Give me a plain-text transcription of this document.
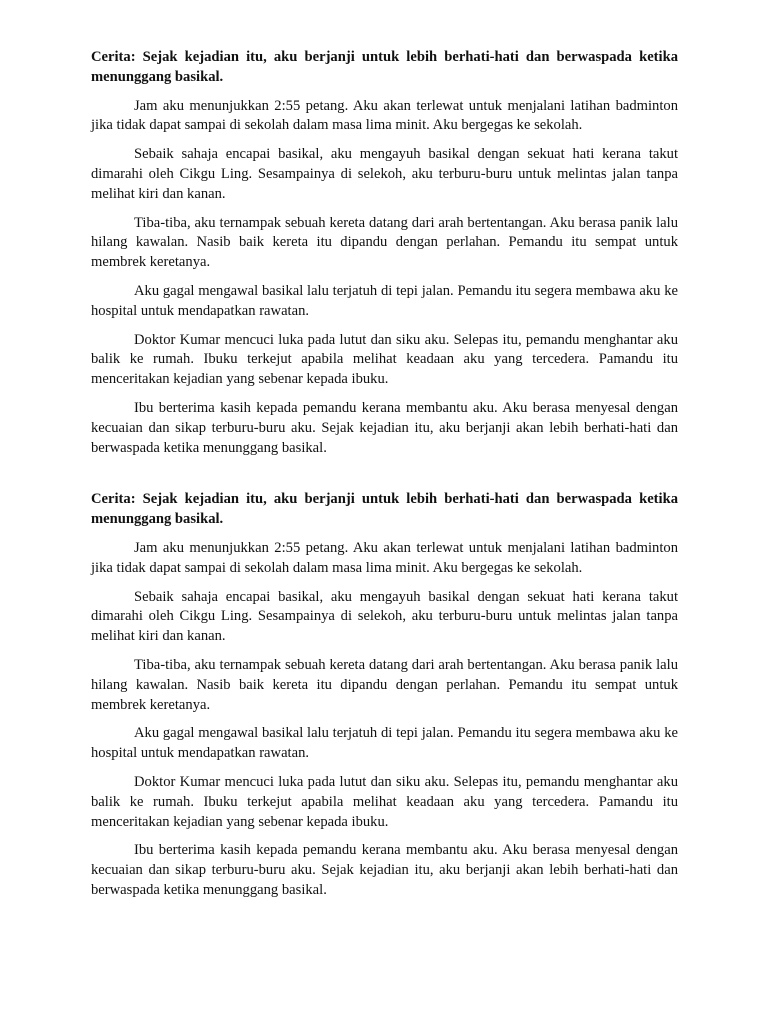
Cerita: Sejak kejadian itu, aku berjanji untuk lebih berhati-hati dan berwaspada ketika menunggang basikal.

Jam aku menunjukkan 2:55 petang. Aku akan terlewat untuk menjalani latihan badminton jika tidak dapat sampai di sekolah dalam masa lima minit. Aku bergegas ke sekolah.

Sebaik sahaja encapai basikal, aku mengayuh basikal dengan sekuat hati kerana takut dimarahi oleh Cikgu Ling. Sesampainya di selekoh, aku terburu-buru untuk melintas jalan tanpa melihat kiri dan kanan.

Tiba-tiba, aku ternampak sebuah kereta datang dari arah bertentangan. Aku berasa panik lalu hilang kawalan. Nasib baik kereta itu dipandu dengan perlahan. Pemandu itu sempat untuk membrek keretanya.

Aku gagal mengawal basikal lalu terjatuh di tepi jalan. Pemandu itu segera membawa aku ke hospital untuk mendapatkan rawatan.

Doktor Kumar mencuci luka pada lutut dan siku aku. Selepas itu, pemandu menghantar aku balik ke rumah. Ibuku terkejut apabila melihat keadaan aku yang tercedera. Pamandu itu menceritakan kejadian yang sebenar kepada ibuku.

Ibu berterima kasih kepada pemandu kerana membantu aku. Aku berasa menyesal dengan kecuaian dan sikap terburu-buru aku. Sejak kejadian itu, aku berjanji akan lebih berhati-hati dan berwaspada ketika menunggang basikal.

Cerita: Sejak kejadian itu, aku berjanji untuk lebih berhati-hati dan berwaspada ketika menunggang basikal.

Jam aku menunjukkan 2:55 petang. Aku akan terlewat untuk menjalani latihan badminton jika tidak dapat sampai di sekolah dalam masa lima minit. Aku bergegas ke sekolah.

Sebaik sahaja encapai basikal, aku mengayuh basikal dengan sekuat hati kerana takut dimarahi oleh Cikgu Ling. Sesampainya di selekoh, aku terburu-buru untuk melintas jalan tanpa melihat kiri dan kanan.

Tiba-tiba, aku ternampak sebuah kereta datang dari arah bertentangan. Aku berasa panik lalu hilang kawalan. Nasib baik kereta itu dipandu dengan perlahan. Pemandu itu sempat untuk membrek keretanya.

Aku gagal mengawal basikal lalu terjatuh di tepi jalan. Pemandu itu segera membawa aku ke hospital untuk mendapatkan rawatan.

Doktor Kumar mencuci luka pada lutut dan siku aku. Selepas itu, pemandu menghantar aku balik ke rumah. Ibuku terkejut apabila melihat keadaan aku yang tercedera. Pamandu itu menceritakan kejadian yang sebenar kepada ibuku.

Ibu berterima kasih kepada pemandu kerana membantu aku. Aku berasa menyesal dengan kecuaian dan sikap terburu-buru aku. Sejak kejadian itu, aku berjanji akan lebih berhati-hati dan berwaspada ketika menunggang basikal.
